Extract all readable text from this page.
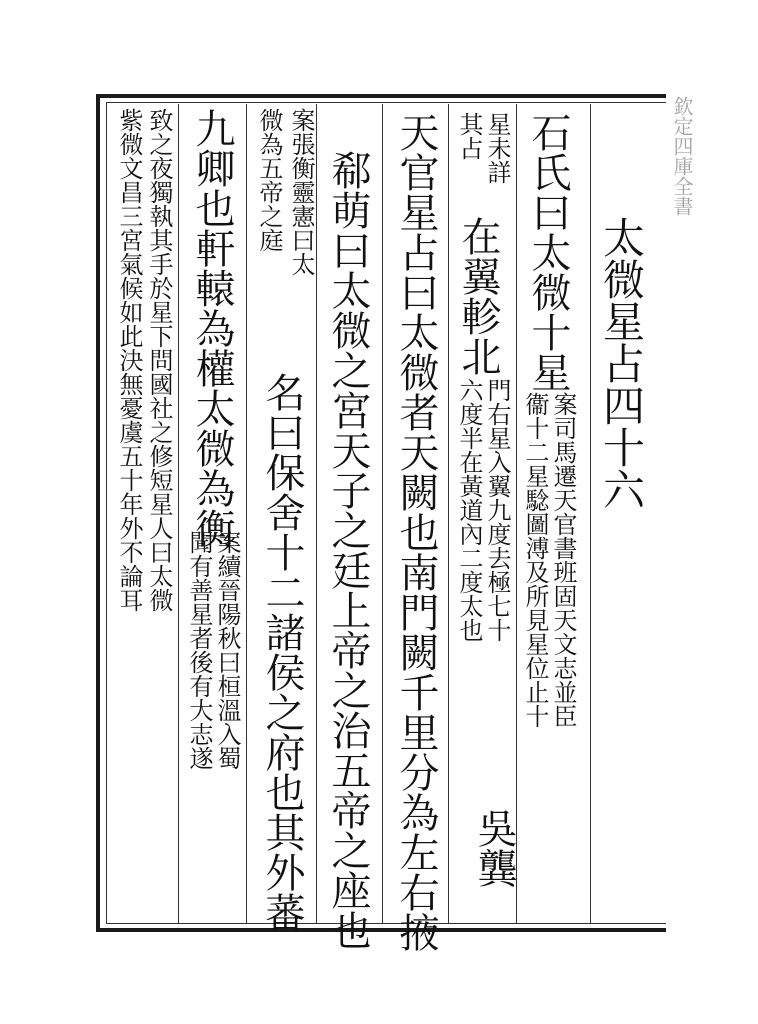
欽定四庫全書
太微星占四十六
石氏曰太微十星
案司馬遷天官書班固天文志並臣
衞十二星騐圖溥及所見星位止十
吳龔
星未詳
其占
在翼軫北
門右星入翼九度去極七十
六度半在黃道內二度太也
天官星占曰太微者天闕也南門闕千里分為左右掖
郗萌曰太微之宮天子之廷上帝之治五帝之座也
案張衡靈憲曰太
微為五帝之庭
名曰保舍十二諸侯之府也其外蕃
九卿也軒轅為權太微為衡
案續晉陽秋曰桓溫入蜀
聞有善星者後有大志遂
致之夜獨執其手於星下問國社之修短星人曰太微
紫微文昌三宮氣候如此決無憂虞五十年外不論耳
